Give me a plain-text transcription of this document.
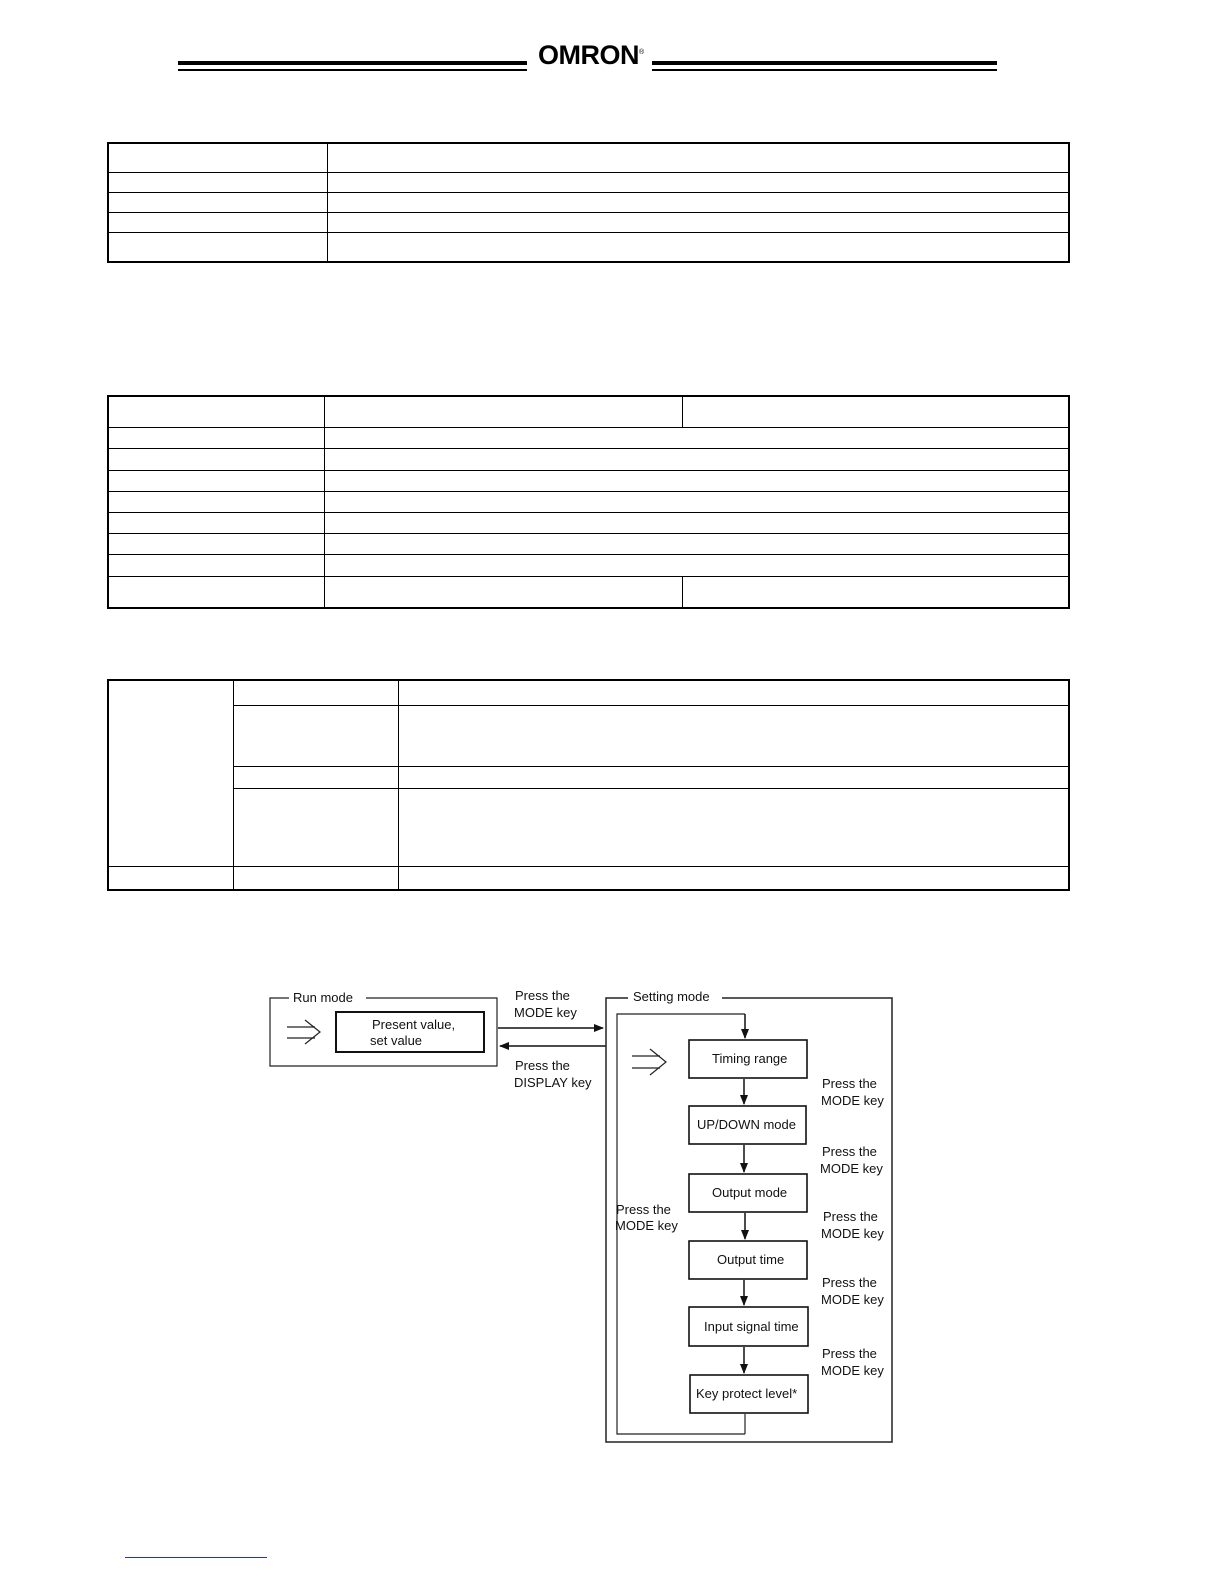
OMRON®

Run mode
Present value,
set value
Press the
MODE key
Press the
DISPLAY key
Setting mode
Press the
MODE key
Timing range
Press the
MODE key
UP/DOWN mode
Press the
MODE key
Output mode
Press the
MODE key
Output time
Press the
MODE key
Input signal time
Press the
MODE key
Key protect level*
